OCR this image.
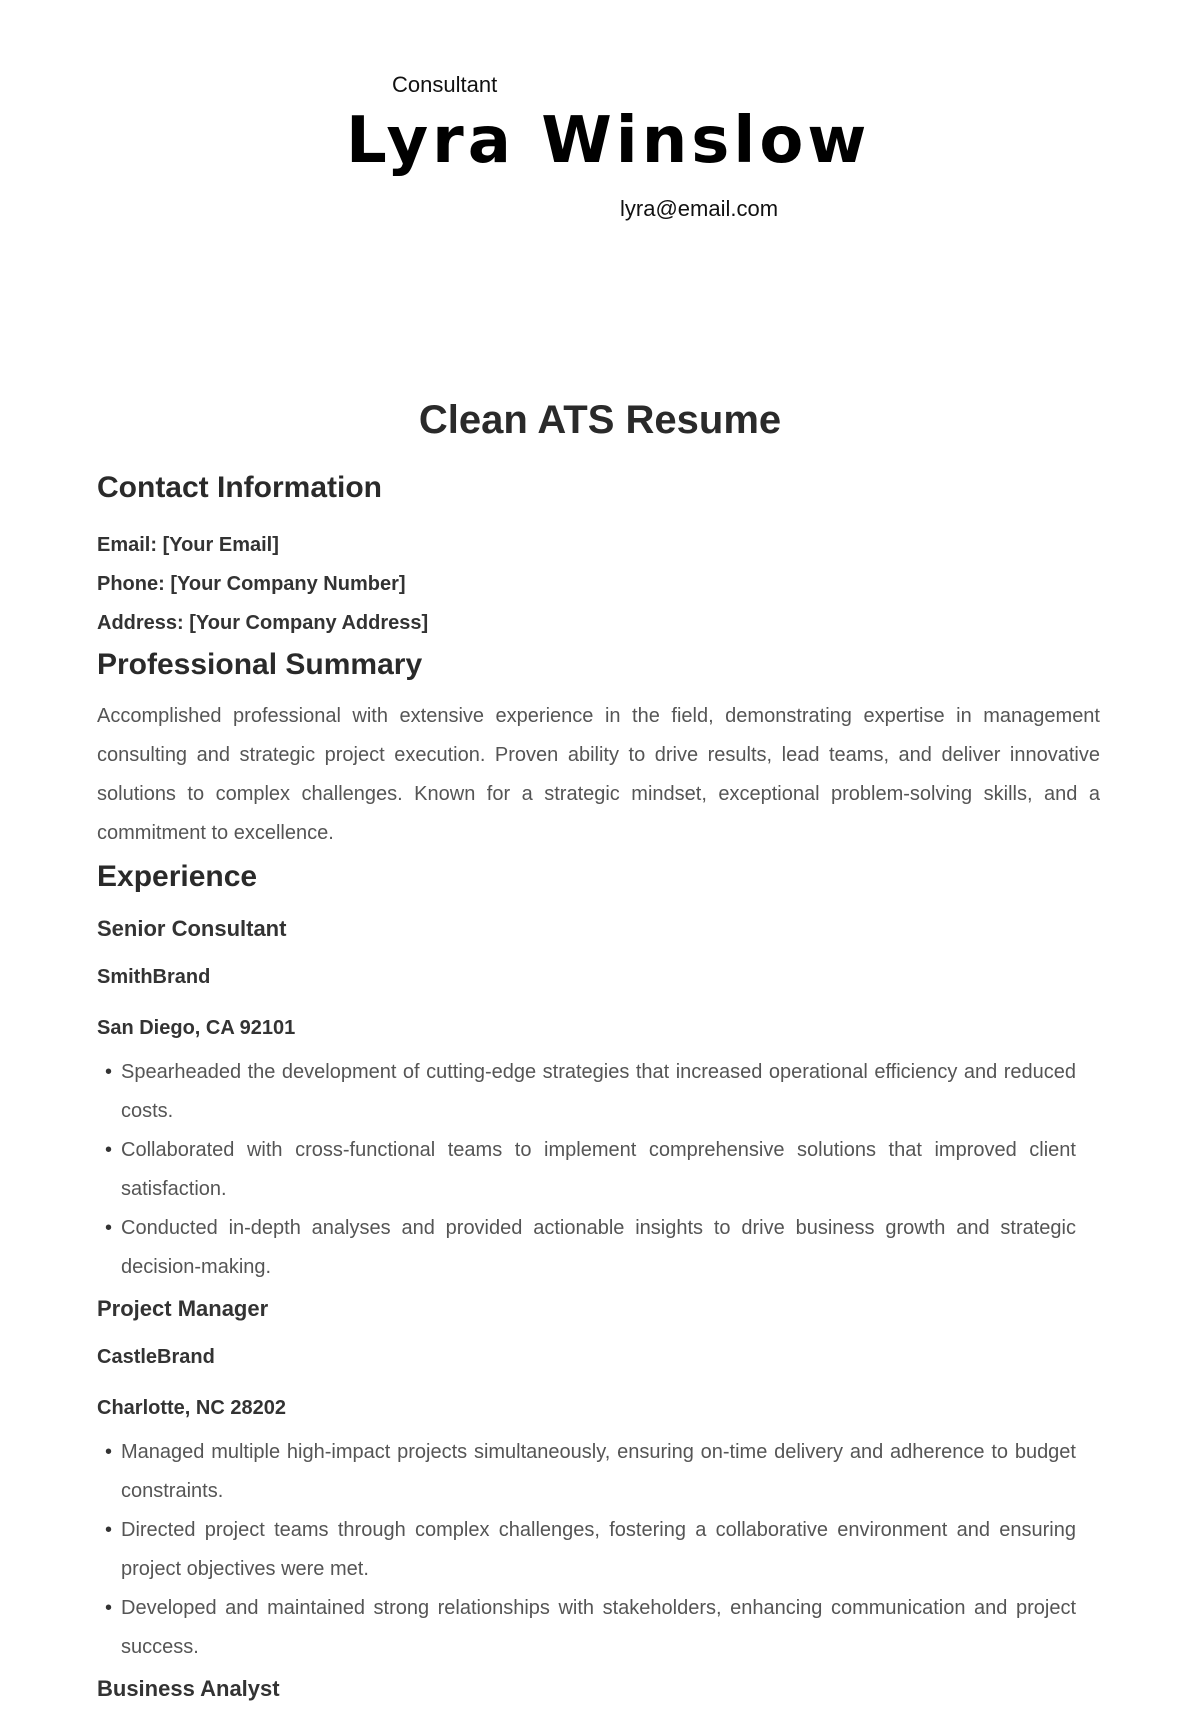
Consultant
Lyra Winslow
lyra@email.com
Clean ATS Resume
Contact Information
Email: [Your Email]
Phone: [Your Company Number]
Address: [Your Company Address]
Professional Summary

Accomplished professional with extensive experience in the field, demonstrating expertise in management consulting and strategic project execution. Proven ability to drive results, lead teams, and deliver innovative solutions to complex challenges. Known for a strategic mindset, exceptional problem-solving skills, and a commitment to excellence.

Experience
Senior Consultant
SmithBrand
San Diego, CA 92101
• Spearheaded the development of cutting-edge strategies that increased operational efficiency and reduced costs.
• Collaborated with cross-functional teams to implement comprehensive solutions that improved client satisfaction.
• Conducted in-depth analyses and provided actionable insights to drive business growth and strategic decision-making.
Project Manager
CastleBrand
Charlotte, NC 28202
• Managed multiple high-impact projects simultaneously, ensuring on-time delivery and adherence to budget constraints.
• Directed project teams through complex challenges, fostering a collaborative environment and ensuring project objectives were met.
• Developed and maintained strong relationships with stakeholders, enhancing communication and project success.
Business Analyst
